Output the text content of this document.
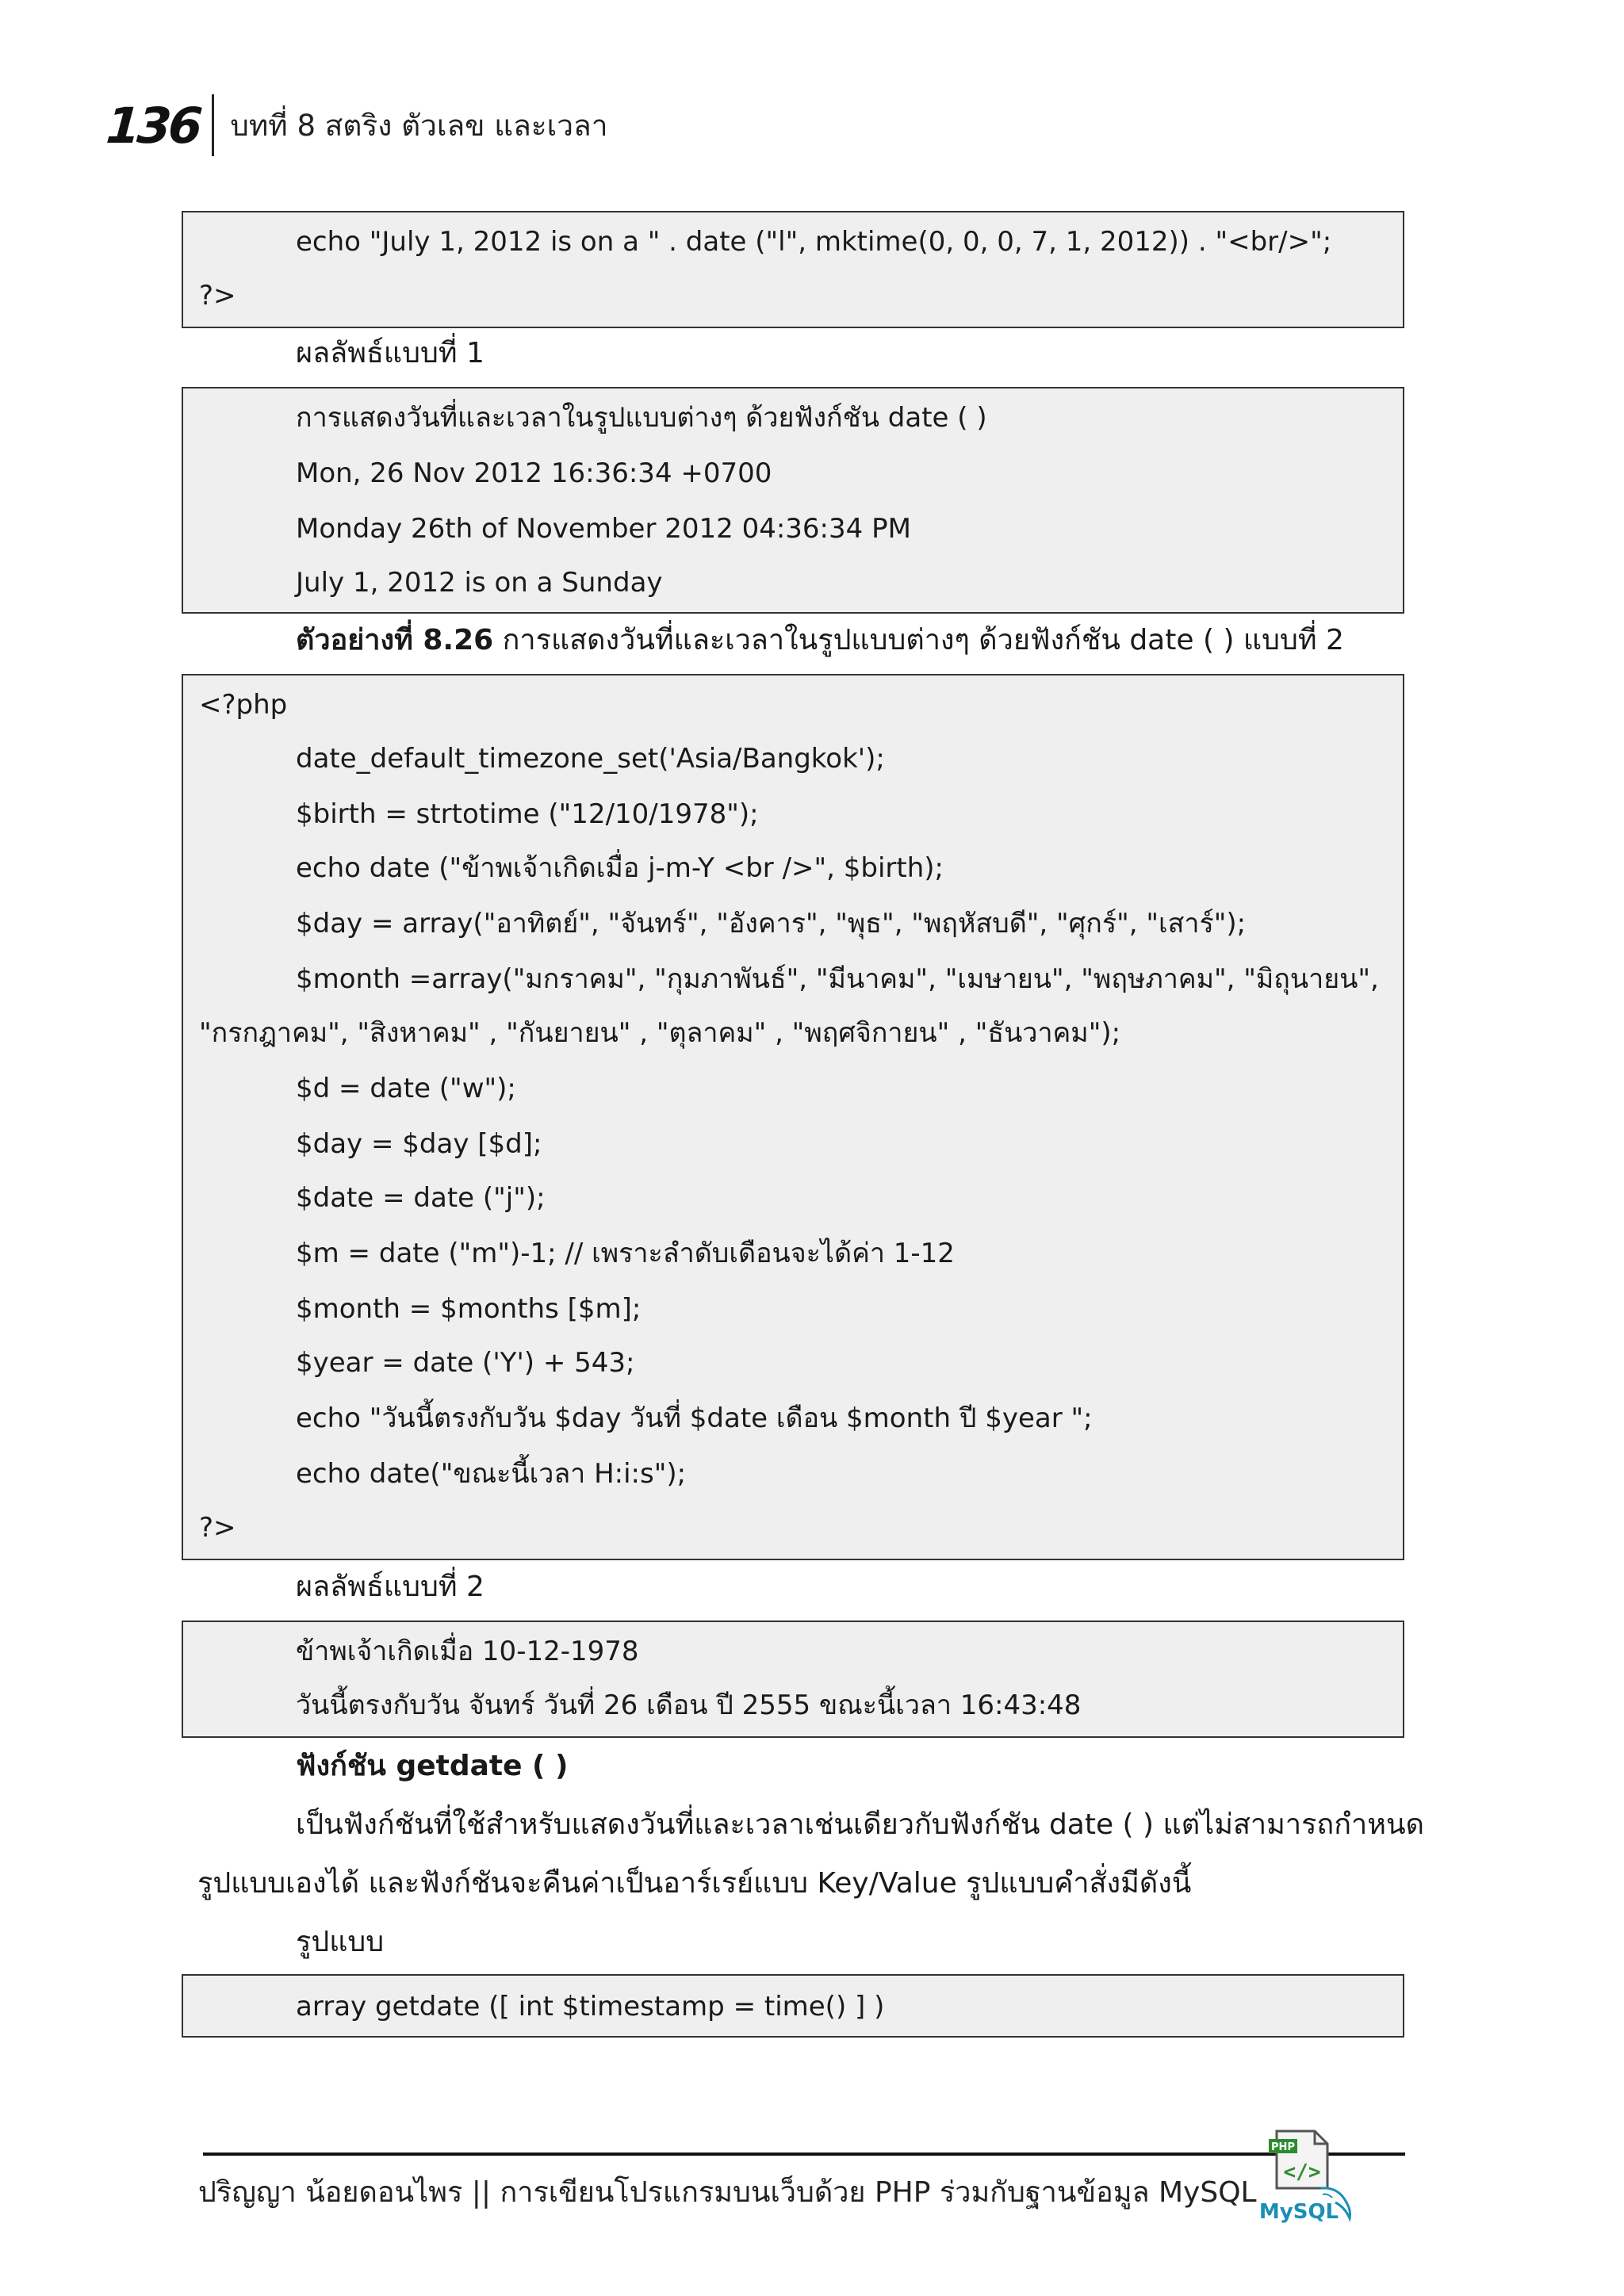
136 บทที่ 8 สตริง ตัวเลข และเวลา
echo "July 1, 2012 is on a " . date ("l", mktime(0, 0, 0, 7, 1, 2012)) . "<br/>";
?>
ผลลัพธ์แบบที่ 1
การแสดงวันที่และเวลาในรูปแบบต่างๆ ด้วยฟังก์ชัน date ( )
Mon, 26 Nov 2012 16:36:34 +0700
Monday 26th of November 2012 04:36:34 PM
July 1, 2012 is on a Sunday
ตัวอย่างที่ 8.26 การแสดงวันที่และเวลาในรูปแบบต่างๆ ด้วยฟังก์ชัน date ( ) แบบที่ 2
<?php
date_default_timezone_set('Asia/Bangkok');
$birth = strtotime ("12/10/1978");
echo date ("ข้าพเจ้าเกิดเมื่อ j-m-Y <br />", $birth);
$day = array("อาทิตย์", "จันทร์", "อังคาร", "พุธ", "พฤหัสบดี", "ศุกร์", "เสาร์");
$month =array("มกราคม", "กุมภาพันธ์", "มีนาคม", "เมษายน", "พฤษภาคม", "มิถุนายน",
"กรกฎาคม", "สิงหาคม" , "กันยายน" , "ตุลาคม" , "พฤศจิกายน" , "ธันวาคม");
$d = date ("w");
$day = $day [$d];
$date = date ("j");
$m = date ("m")-1; // เพราะลำดับเดือนจะได้ค่า 1-12
$month = $months [$m];
$year = date ('Y') + 543;
echo "วันนี้ตรงกับวัน $day วันที่ $date เดือน $month ปี $year ";
echo date("ขณะนี้เวลา H:i:s");
?>
ผลลัพธ์แบบที่ 2
ข้าพเจ้าเกิดเมื่อ 10-12-1978
วันนี้ตรงกับวัน จันทร์ วันที่ 26 เดือน ปี 2555 ขณะนี้เวลา 16:43:48
ฟังก์ชัน getdate ( )
เป็นฟังก์ชันที่ใช้สำหรับแสดงวันที่และเวลาเช่นเดียวกับฟังก์ชัน date ( ) แต่ไม่สามารถกำหนด
รูปแบบเองได้ และฟังก์ชันจะคืนค่าเป็นอาร์เรย์แบบ Key/Value รูปแบบคำสั่งมีดังนี้
รูปแบบ
array getdate ([ int $timestamp = time() ] )
ปริญญา น้อยดอนไพร || การเขียนโปรแกรมบนเว็บด้วย PHP ร่วมกับฐานข้อมูล MySQL
PHP
</>
MySQL
